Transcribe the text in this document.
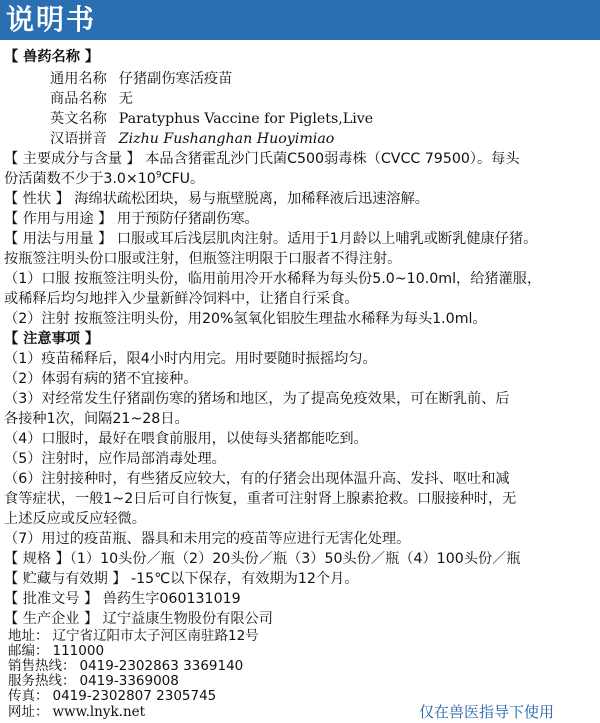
说明书
【 兽药名称 】
通用名称 仔猪副伤寒活疫苗
商品名称 无
英文名称 Paratyphus Vaccine for Piglets,Live
汉语拼音 Zizhu Fushanghan Huoyimiao
【 主要成分与含量 】 本品含猪霍乱沙门氏菌C500弱毒株（CVCC 79500）。每头
份活菌数不少于$3.0\times 10^9CFU$。
【 性状 】 海绵状疏松团块，易与瓶壁脱离，加稀释液后迅速溶解。
【 作用与用途 】 用于预防仔猪副伤寒。
【 用法与用量 】 口服或耳后浅层肌肉注射。适用于1月龄以上哺乳或断乳健康仔猪。
按瓶签注明头份口服或注射，但瓶签注明限于口服者不得注射。
（1）口服 按瓶签注明头份，临用前用冷开水稀释为每头份5.0~10.0ml，给猪灌服，
或稀释后均匀地拌入少量新鲜冷饲料中，让猪自行采食。
（2）注射 按瓶签注明头份，用20%氢氧化铝胶生理盐水稀释为每头1.0ml。
【 注意事项 】
（1）疫苗稀释后，限4小时内用完。用时要随时振摇均匀。
（2）体弱有病的猪不宜接种。
（3）对经常发生仔猪副伤寒的猪场和地区，为了提高免疫效果，可在断乳前、后
各接种1次，间隔21~28日。
（4）口服时，最好在喂食前服用，以使每头猪都能吃到。
（5）注射时，应作局部消毒处理。
（6）注射接种时，有些猪反应较大，有的仔猪会出现体温升高、发抖、呕吐和减
食等症状，一般1~2日后可自行恢复，重者可注射肾上腺素抢救。口服接种时，无
上述反应或反应轻微。
（7）用过的疫苗瓶、器具和未用完的疫苗等应进行无害化处理。
【 规格 】（1）10头份／瓶（2）20头份／瓶（3）50头份／瓶（4）100头份／瓶
【 贮藏与有效期 】 -15℃以下保存，有效期为12个月。
【 批准文号 】 兽药生字060131019
【 生产企业 】 辽宁益康生物股份有限公司
地址： 辽宁省辽阳市太子河区南驻路12号
邮编： 111000
销售热线： 0419-2302863 3369140
服务热线： 0419-3369008
传真： 0419-2302807 2305745
网址： www.lnyk.net	仅在兽医指导下使用
